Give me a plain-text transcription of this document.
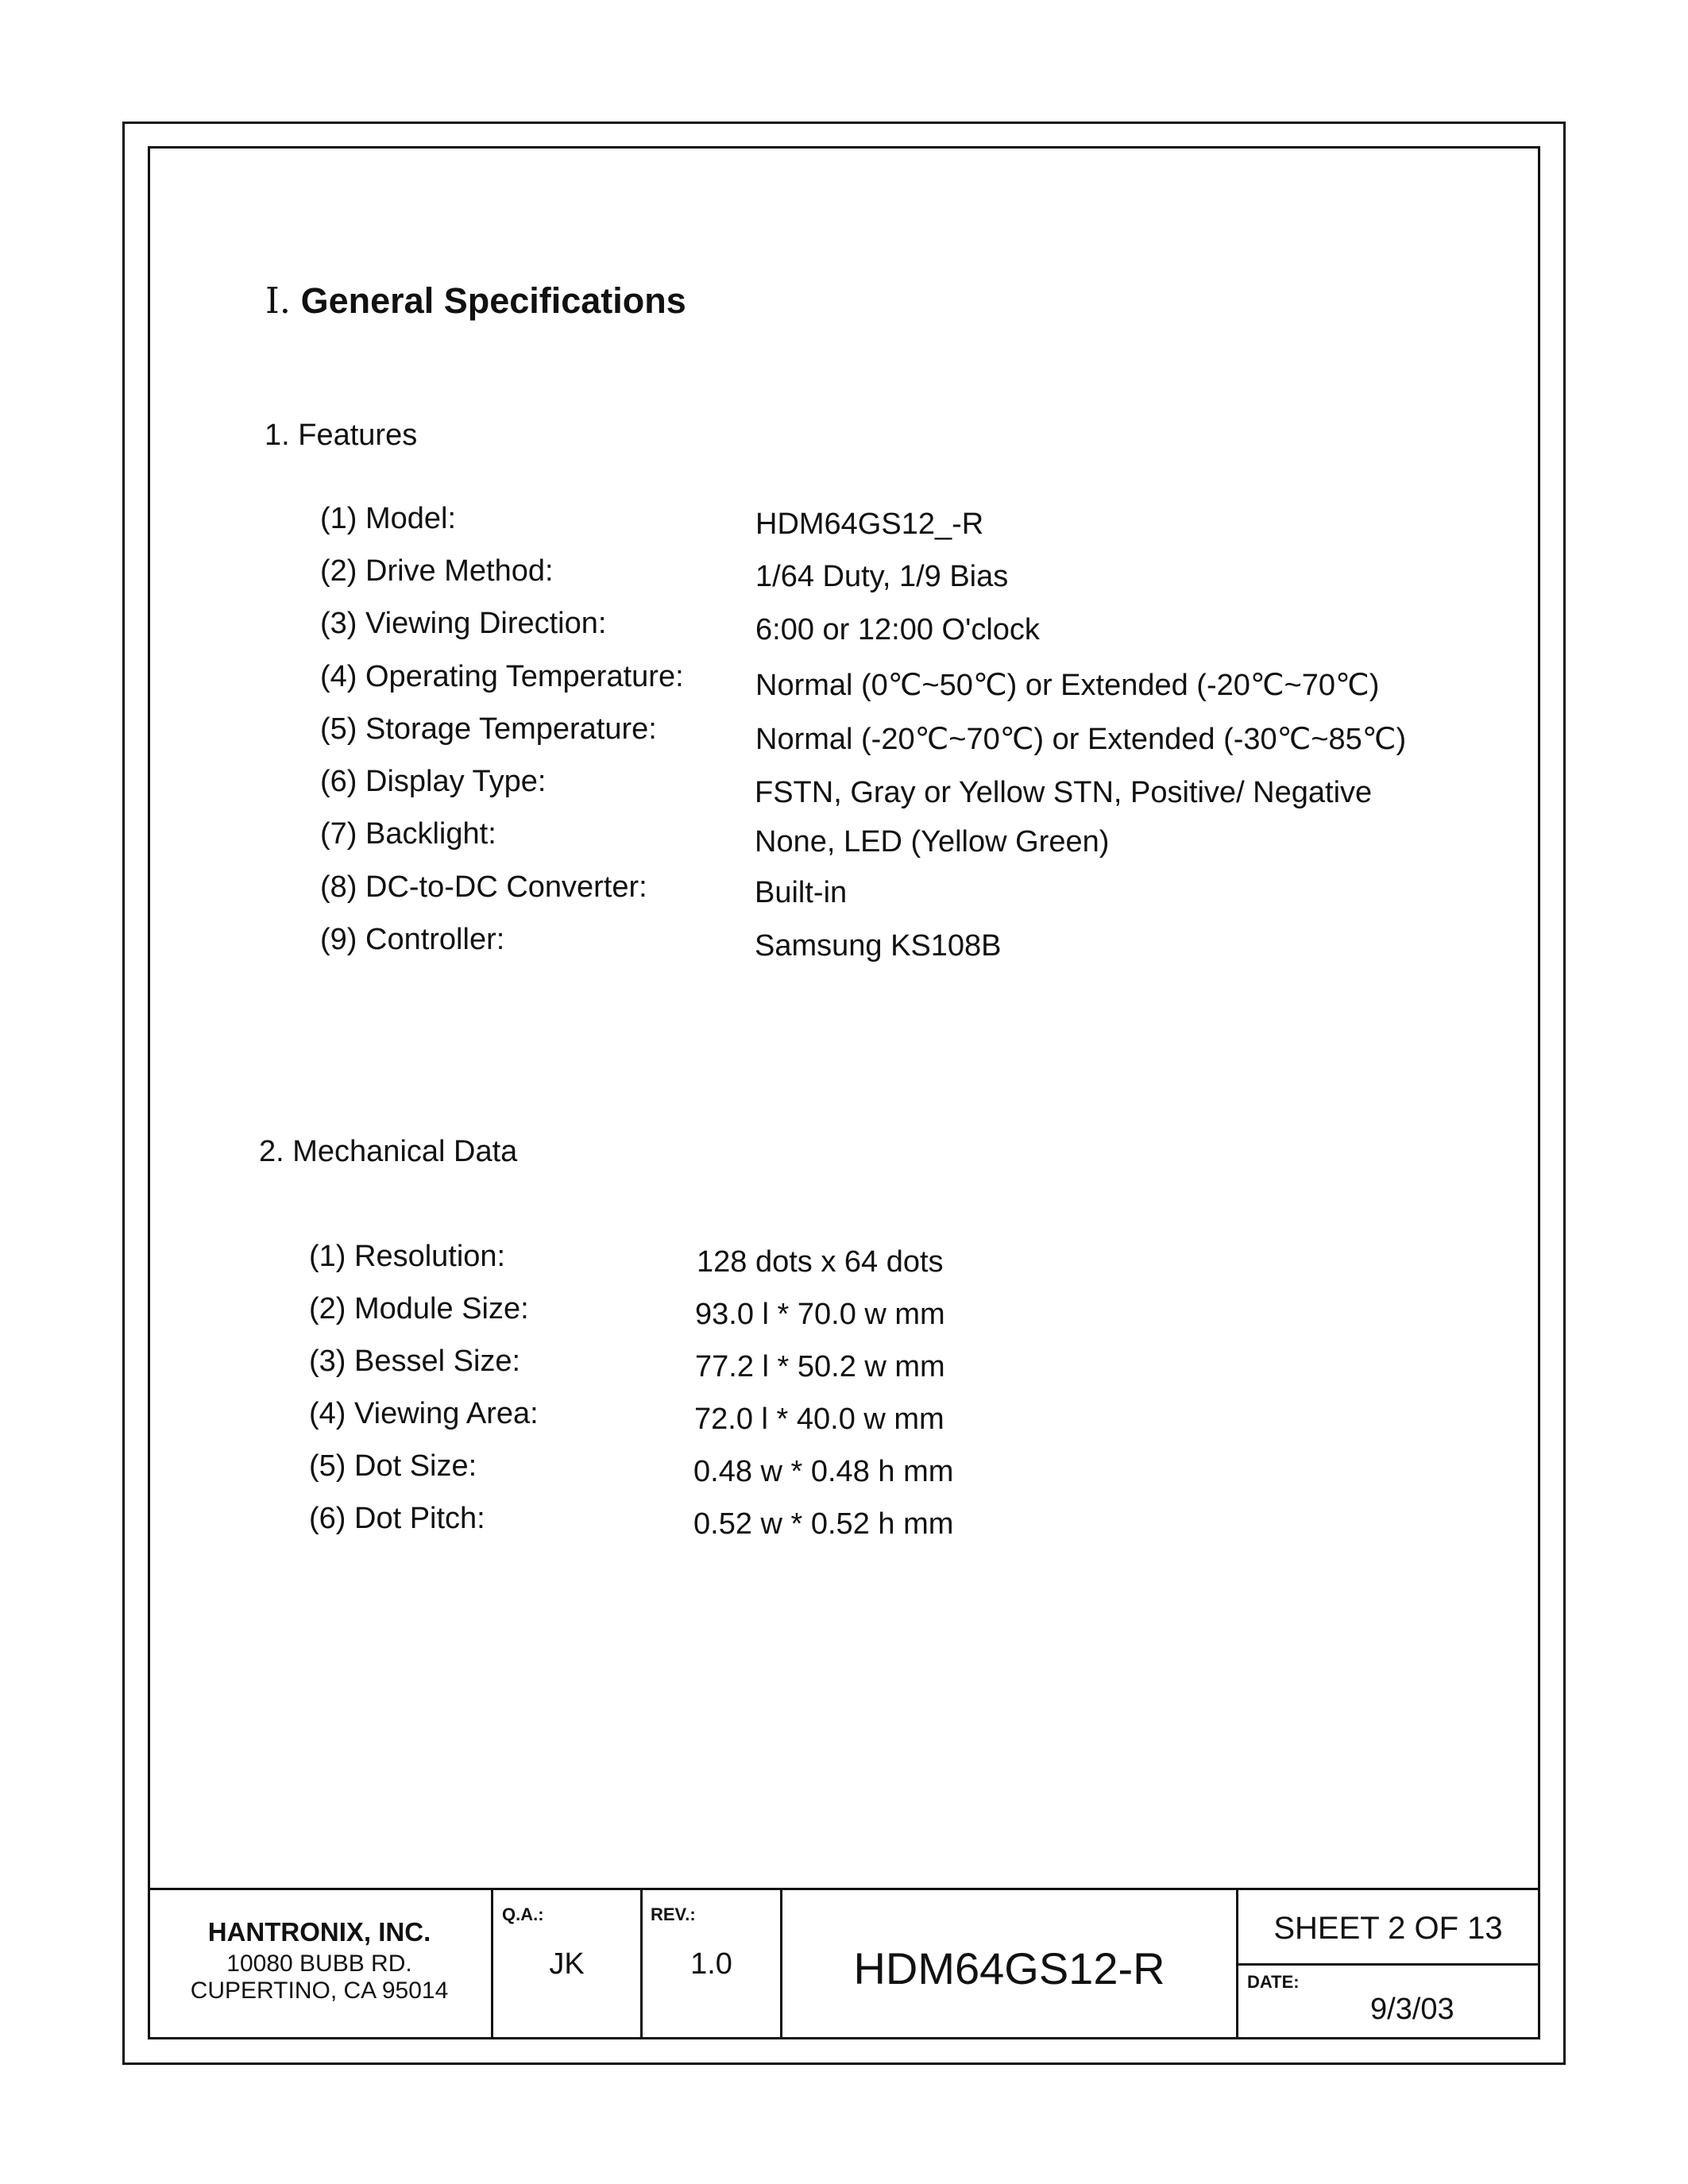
Ⅰ. General Specifications
1. Features
(1) Model:	HDM64GS12_-R
(2) Drive Method:	1/64 Duty, 1/9 Bias
(3) Viewing Direction:	6:00 or 12:00 O'clock
(4) Operating Temperature: Normal (0℃~50℃) or Extended (-20℃~70℃)
(5) Storage Temperature:	Normal (-20℃~70℃) or Extended (-30℃~85℃)
(6) Display Type:	FSTN, Gray or Yellow STN, Positive/ Negative
(7) Backlight:	None, LED (Yellow Green)
(8) DC-to-DC Converter:	Built-in
(9) Controller:	Samsung KS108B
2. Mechanical Data
(1) Resolution:	128 dots x 64 dots
(2) Module Size:	93.0 l * 70.0 w mm
(3) Bessel Size:	77.2 l * 50.2 w mm
(4) Viewing Area:	72.0 l * 40.0 w mm
(5) Dot Size:	0.48 w * 0.48 h mm
(6) Dot Pitch:	0.52 w * 0.52 h mm
HANTRONIX, INC.
10080 BUBB RD.
CUPERTINO, CA 95014
Q.A.:
JK
REV.:
1.0	HDM64GS12-R
SHEET 2 OF 13
DATE:
9/3/03
